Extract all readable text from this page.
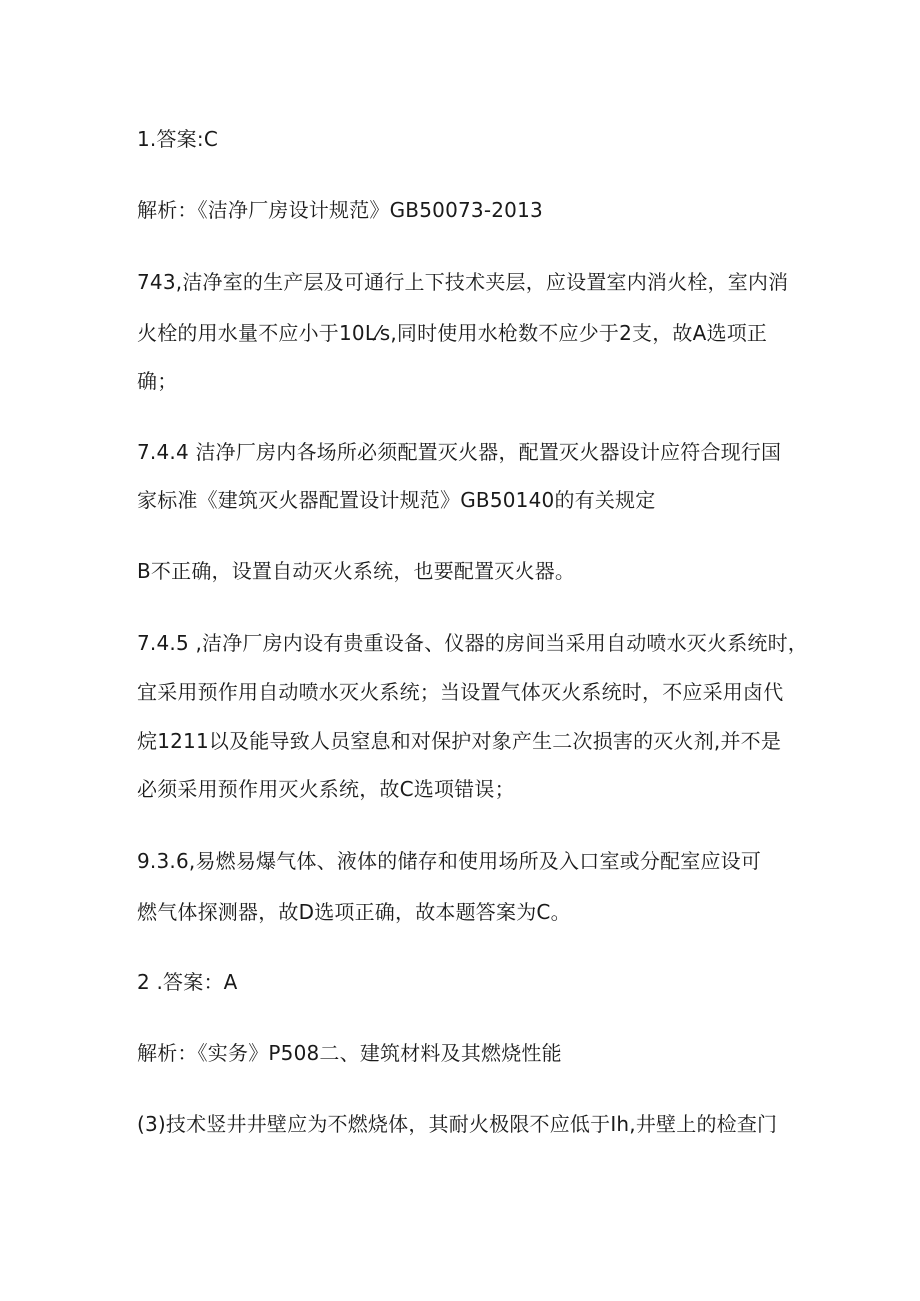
1.答案:C
解析：《洁净厂房设计规范》GB50073-2013
743,洁净室的生产层及可通行上下技术夹层，应设置室内消火栓，室内消
火栓的用水量不应小于10L⁄s,同时使用水枪数不应少于2支，故A选项正
确；
7.4.4 洁净厂房内各场所必须配置灭火器，配置灭火器设计应符合现行国
家标准《建筑灭火器配置设计规范》GB50140的有关规定
B不正确，设置自动灭火系统，也要配置灭火器。
7.4.5 ,洁净厂房内设有贵重设备、仪器的房间当采用自动喷水灭火系统时，
宜采用预作用自动喷水灭火系统；当设置气体灭火系统时，不应采用卤代
烷1211以及能导致人员窒息和对保护对象产生二次损害的灭火剂,并不是
必须采用预作用灭火系统，故C选项错误；
9.3.6,易燃易爆气体、液体的储存和使用场所及入口室或分配室应设可
燃气体探测器，故D选项正确，故本题答案为C。
2 .答案：A
解析：《实务》P508二、建筑材料及其燃烧性能
(3)技术竖井井壁应为不燃烧体，其耐火极限不应低于Ih,井壁上的检查门
